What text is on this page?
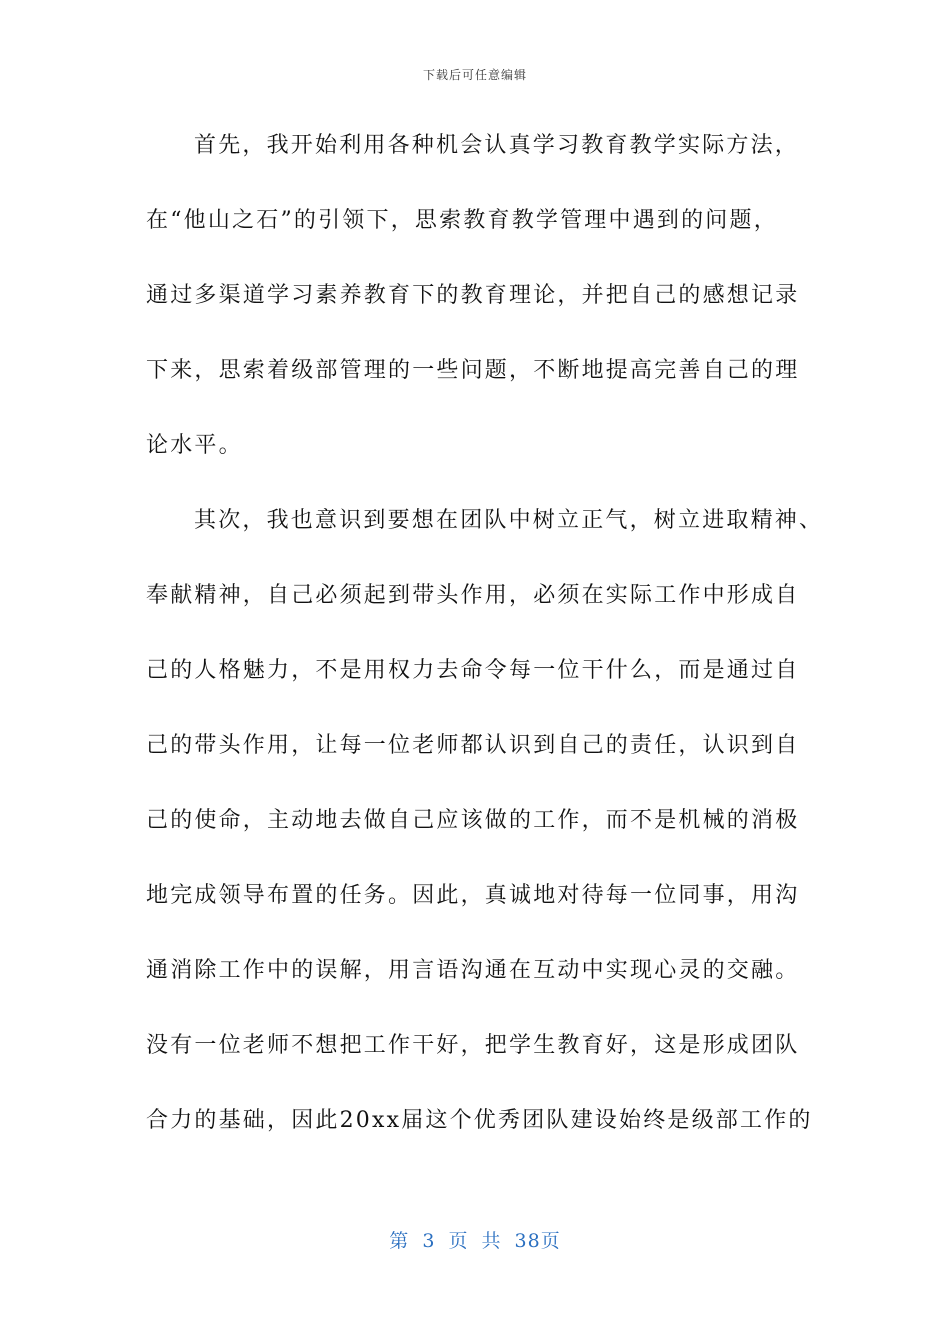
下载后可任意编辑
首先，我开始利用各种机会认真学习教育教学实际方法，
在“他山之石”的引领下，思索教育教学管理中遇到的问题，
通过多渠道学习素养教育下的教育理论，并把自己的感想记录
下来，思索着级部管理的一些问题，不断地提高完善自己的理
论水平。
其次，我也意识到要想在团队中树立正气，树立进取精神、
奉献精神，自己必须起到带头作用，必须在实际工作中形成自
己的人格魅力，不是用权力去命令每一位干什么，而是通过自
己的带头作用，让每一位老师都认识到自己的责任，认识到自
己的使命，主动地去做自己应该做的工作，而不是机械的消极
地完成领导布置的任务。因此，真诚地对待每一位同事，用沟
通消除工作中的误解，用言语沟通在互动中实现心灵的交融。
没有一位老师不想把工作干好，把学生教育好，这是形成团队
合力的基础，因此20xx届这个优秀团队建设始终是级部工作的
第 3 页 共 38页
